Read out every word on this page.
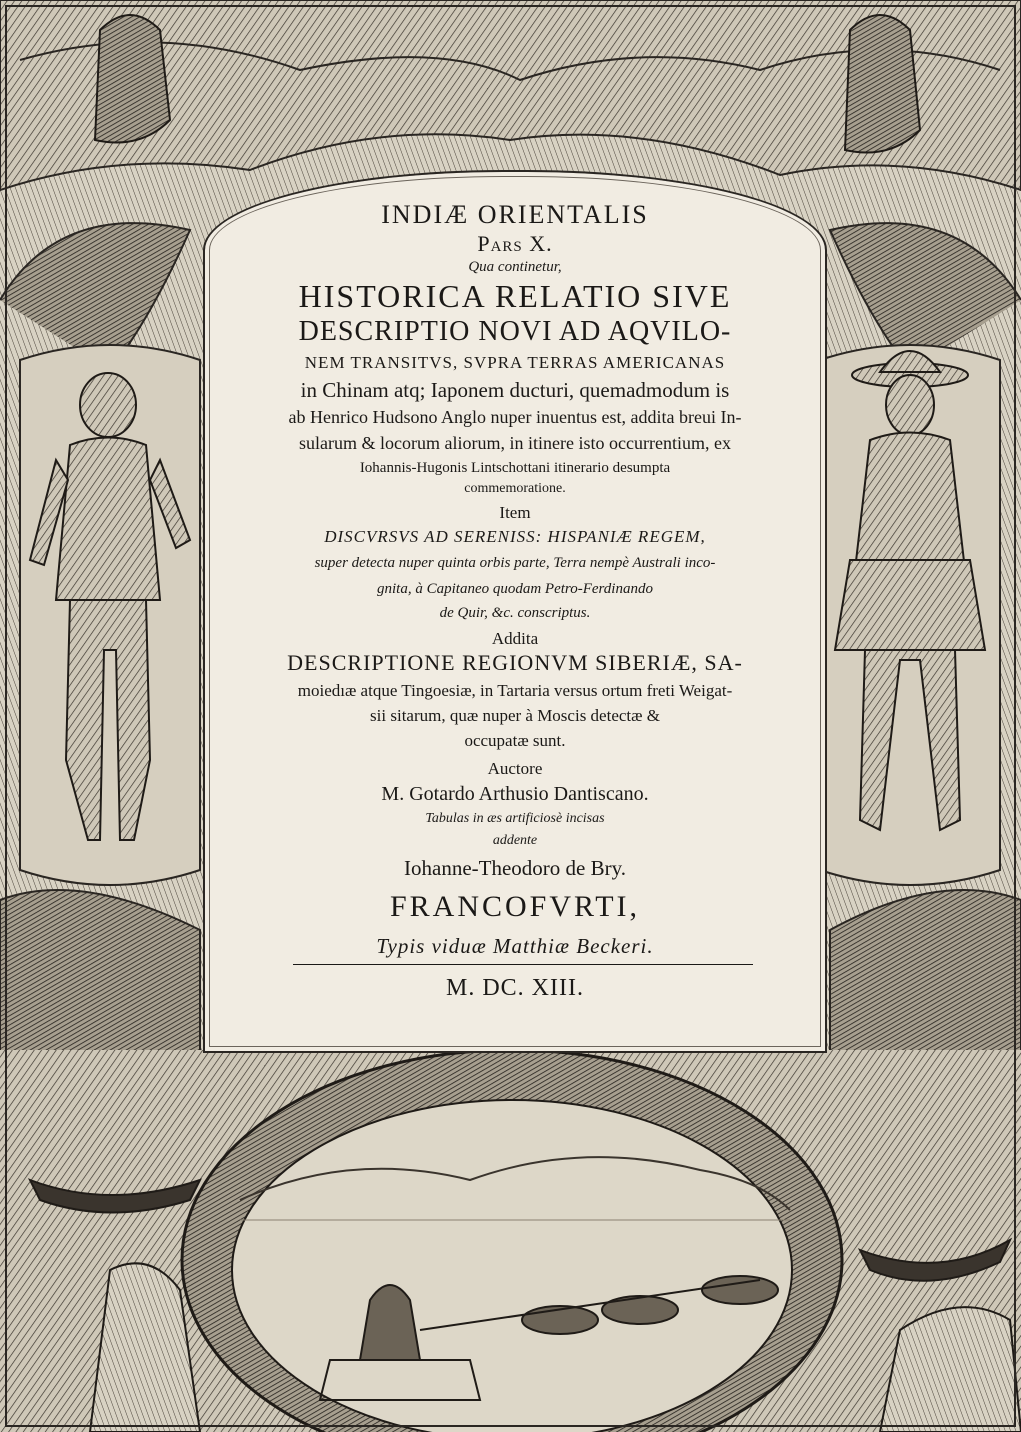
INDIÆ ORIENTALIS
Pars X.
Qua continetur,
HISTORICA RELATIO SIVE
DESCRIPTIO NOVI AD AQVILO-
NEM TRANSITVS, SVPRA TERRAS AMERICANAS
in Chinam atq; Iaponem ducturi, quemadmodum is
ab Henrico Hudsono Anglo nuper inuentus est, addita breui In-
sularum & locorum aliorum, in itinere isto occurrentium, ex
Iohannis-Hugonis Lintschottani itinerario desumpta
commemoratione.
Item
DISCVRSVS AD SERENISS: HISPANIÆ REGEM,
super detecta nuper quinta orbis parte, Terra nempè Australi inco-
gnita, à Capitaneo quodam Petro-Ferdinando
de Quir, &c. conscriptus.
Addita
DESCRIPTIONE REGIONVM SIBERIÆ, SA-
moiedıæ atque Tingoesiæ, in Tartaria versus ortum freti Weigat-
sii sitarum, quæ nuper à Moscis detectæ &
occupatæ sunt.
Auctore
M. Gotardo Arthusio Dantiscano.
Tabulas in æs artificiosè incisas
addente
Iohanne-Theodoro de Bry.
FRANCOFVRTI,
Typis viduæ Matthiæ Beckeri.
M. DC. XIII.
